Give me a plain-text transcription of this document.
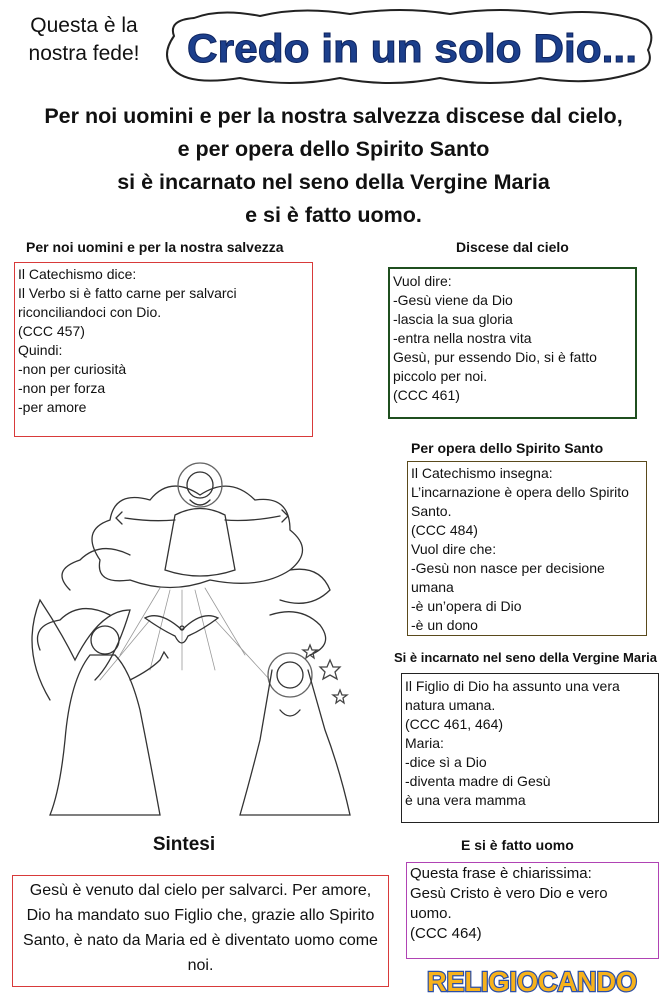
Questa è la
nostra fede!	Credo in un solo Dio...
Per noi uomini e per la nostra salvezza discese dal cielo,
e per opera dello Spirito Santo
si è incarnato nel seno della Vergine Maria
e si è fatto uomo.
Per noi uomini e per la nostra salvezza
Il Catechismo dice:
Il Verbo si è fatto carne per salvarci
riconciliandoci con Dio.
(CCC 457)
Quindi:
-non per curiosità
-non per forza
-per amore
Discese dal cielo
Vuol dire:
-Gesù viene da Dio
-lascia la sua gloria
-entra nella nostra vita
Gesù, pur essendo Dio, si è fatto
piccolo per noi.
(CCC 461)
Per opera dello Spirito Santo
Il Catechismo insegna:
L’incarnazione è opera dello Spirito
Santo.
(CCC 484)
Vuol dire che:
-Gesù non nasce per decisione
umana
-è un’opera di Dio
-è un dono
Si è incarnato nel seno della Vergine Maria
Il Figlio di Dio ha assunto una vera
natura umana.
(CCC 461, 464)
Maria:
-dice sì a Dio
-diventa madre di Gesù
è una vera mamma
E si è fatto uomo
Questa frase è chiarissima:
Gesù Cristo è vero Dio e vero
uomo.
(CCC 464)
Sintesi
Gesù è venuto dal cielo per salvarci. Per amore, Dio ha mandato suo Figlio che, grazie allo Spirito Santo, è nato da Maria ed è diventato uomo come noi.
RELIGIOCANDO
